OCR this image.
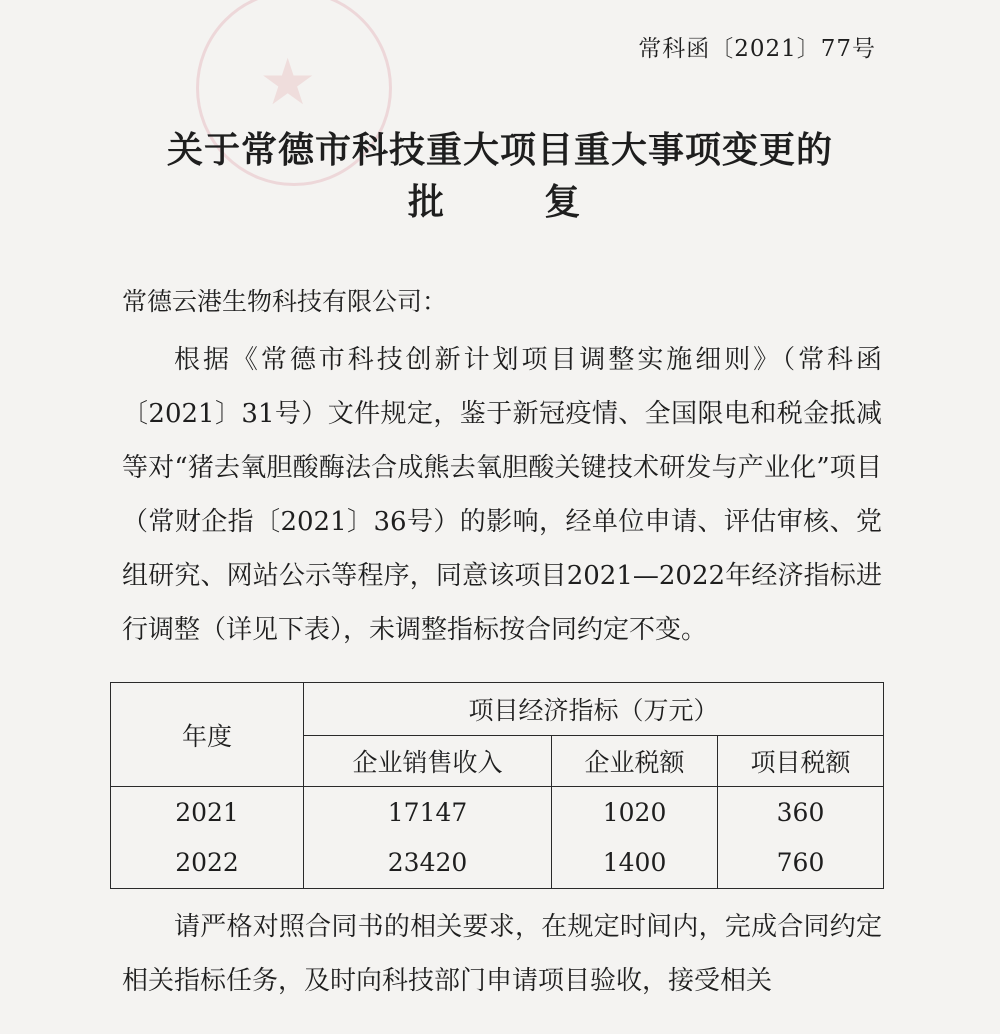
★	常科函〔2021〕77号
关于常德市科技重大项目重大事项变更的
批        复
常德云港生物科技有限公司：
根据《常德市科技创新计划项目调整实施细则》（常科函〔2021〕31号）文件规定，鉴于新冠疫情、全国限电和税金抵减等对“猪去氧胆酸酶法合成熊去氧胆酸关键技术研发与产业化”项目（常财企指〔2021〕36号）的影响，经单位申请、评估审核、党组研究、网站公示等程序，同意该项目2021—2022年经济指标进行调整（详见下表），未调整指标按合同约定不变。
年度	项目经济指标（万元）		
	企业销售收入	企业税额	项目税额
2021	17147	1020	360
2022	23420	1400	760
请严格对照合同书的相关要求，在规定时间内，完成合同约定相关指标任务，及时向科技部门申请项目验收，接受相关
